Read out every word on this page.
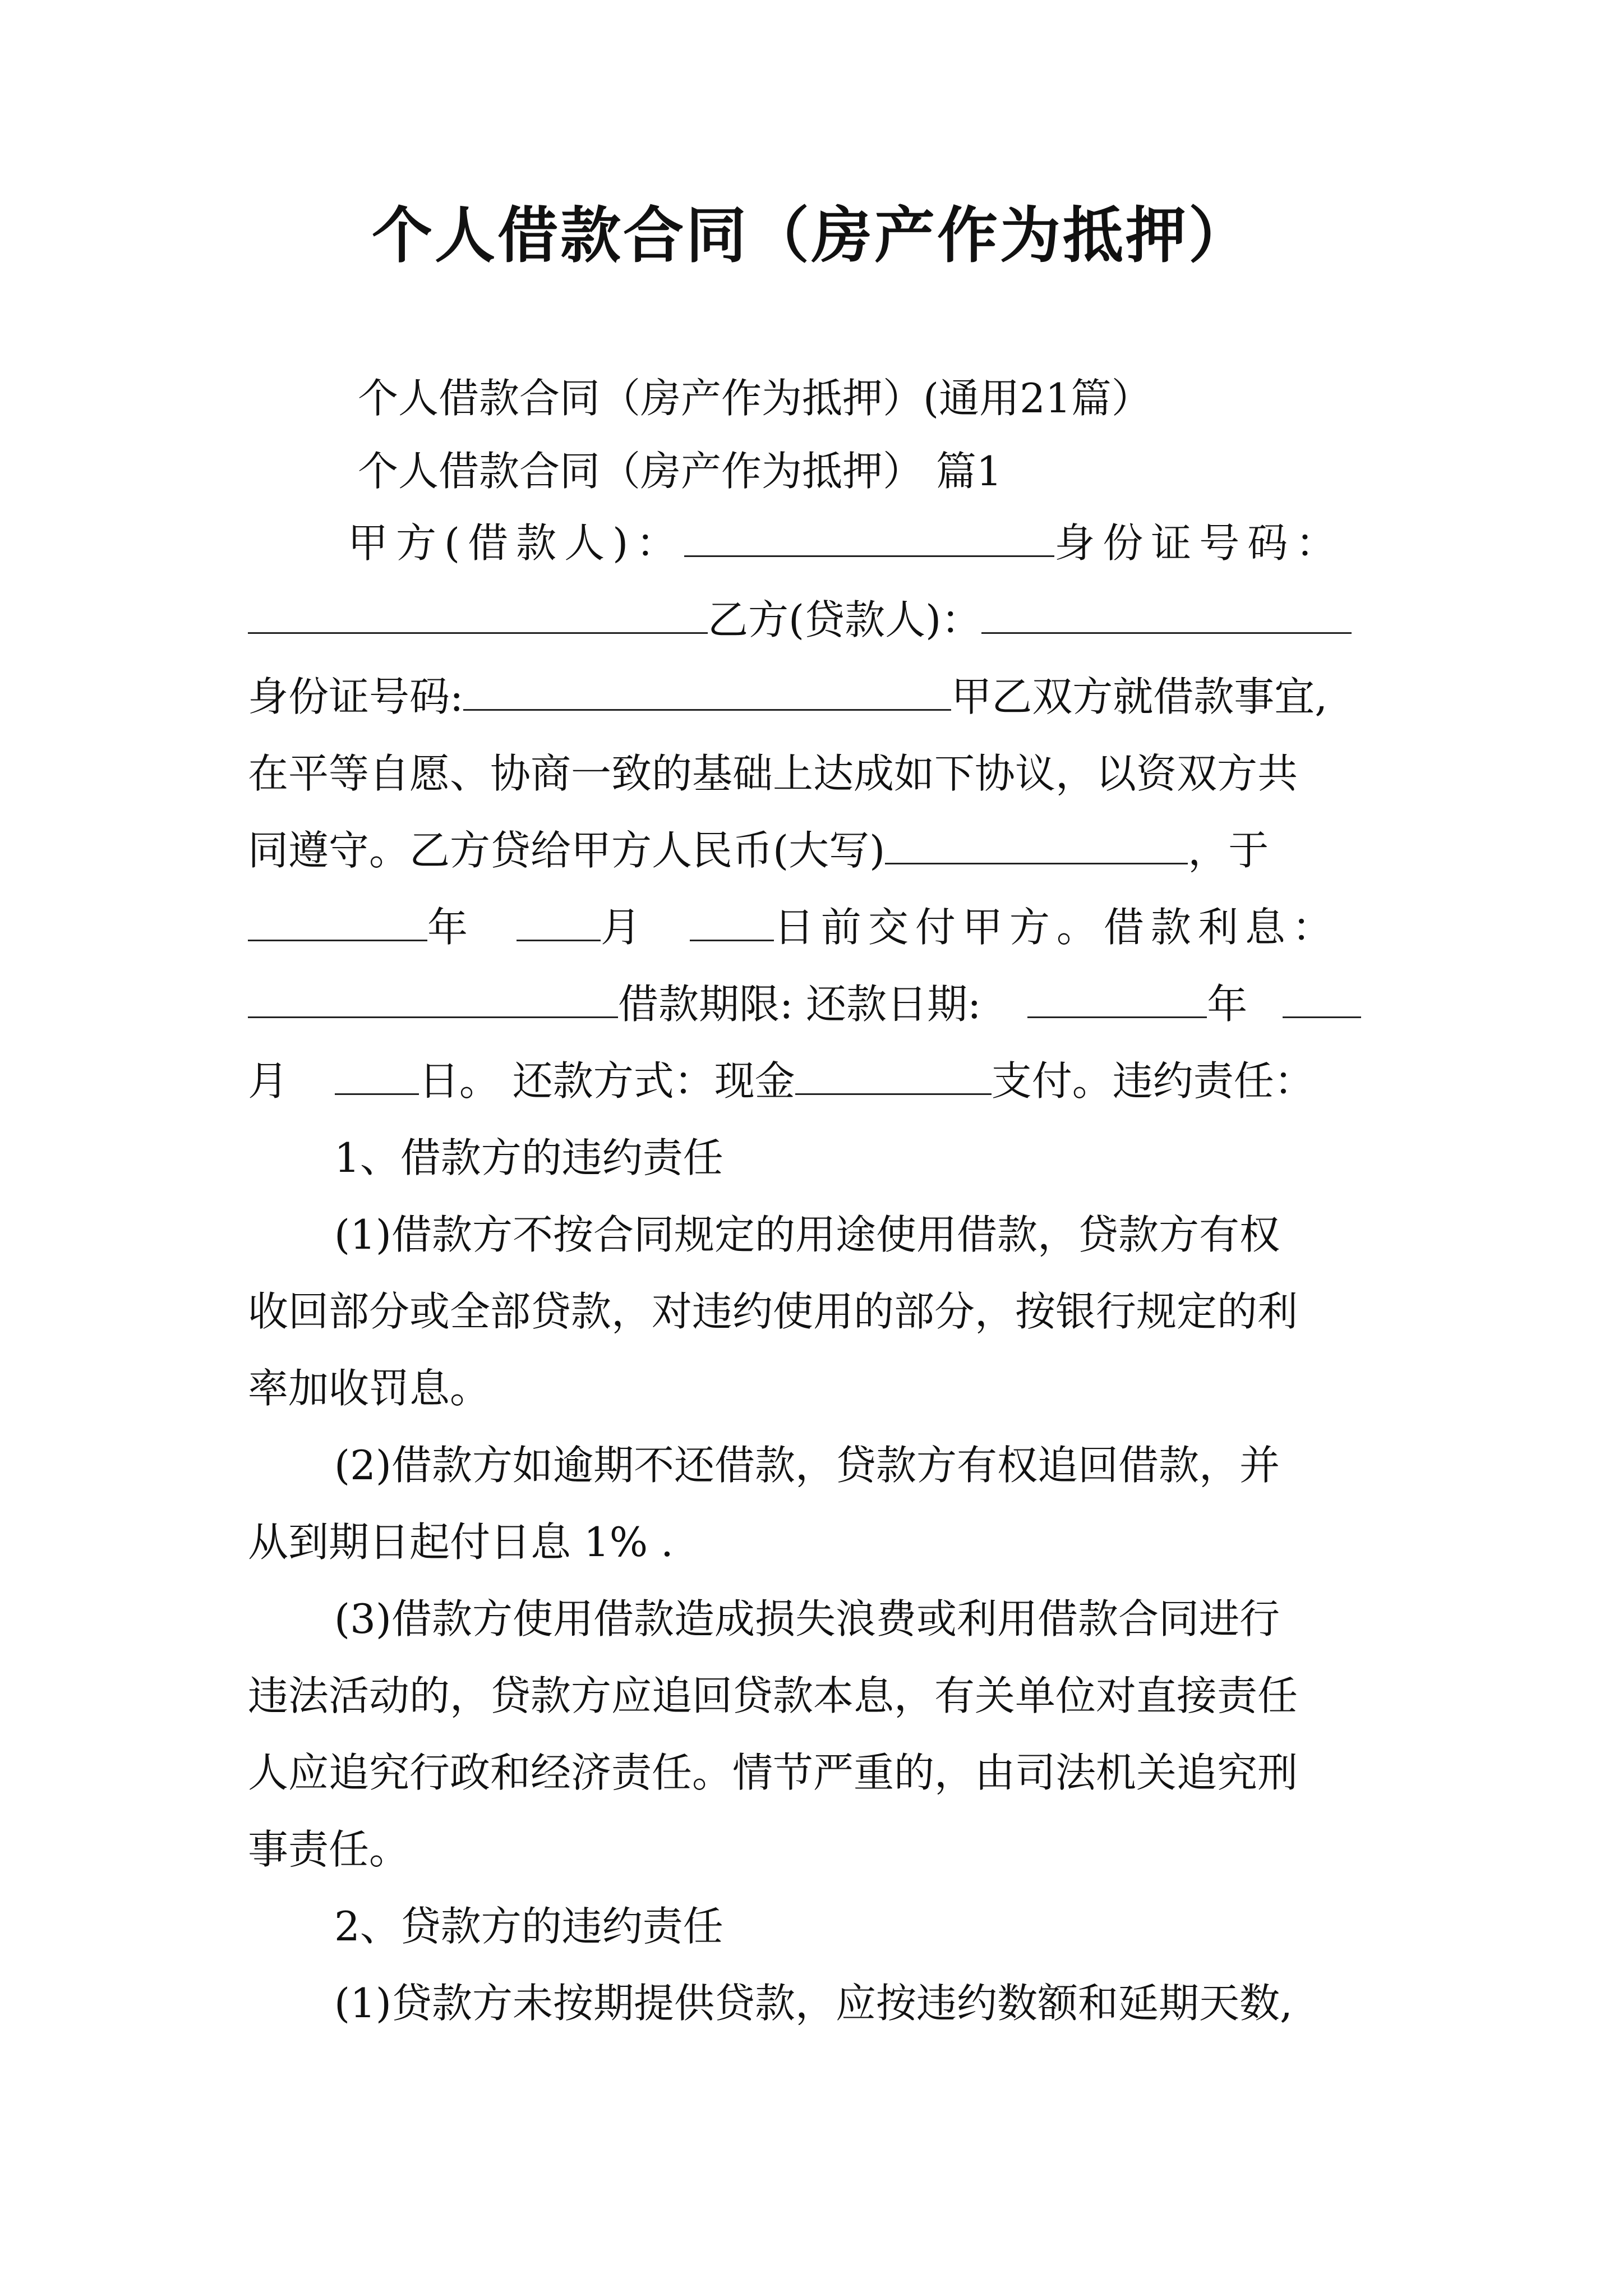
个人借款合同（房产作为抵押）
个人借款合同（房产作为抵押）(通用21篇）
个人借款合同（房产作为抵押） 篇1
甲方(借款人)：	身份证号码：
乙方(贷款人)：
身份证号码:	甲乙双方就借款事宜,
在平等自愿、协商一致的基础上达成如下协议，以资双方共
同遵守。乙方贷给甲方人民币(大写)	，于
年	月	日前交付甲方。借款利息：
借款期限: 还款日期:	年
月	日。 还款方式：现金	支付。违约责任：
1、借款方的违约责任
(1)借款方不按合同规定的用途使用借款，贷款方有权
收回部分或全部贷款，对违约使用的部分，按银行规定的利
率加收罚息。
(2)借款方如逾期不还借款，贷款方有权追回借款，并
从到期日起付日息 1% .
(3)借款方使用借款造成损失浪费或利用借款合同进行
违法活动的，贷款方应追回贷款本息，有关单位对直接责任
人应追究行政和经济责任。情节严重的，由司法机关追究刑
事责任。
2、贷款方的违约责任
(1)贷款方未按期提供贷款，应按违约数额和延期天数,
